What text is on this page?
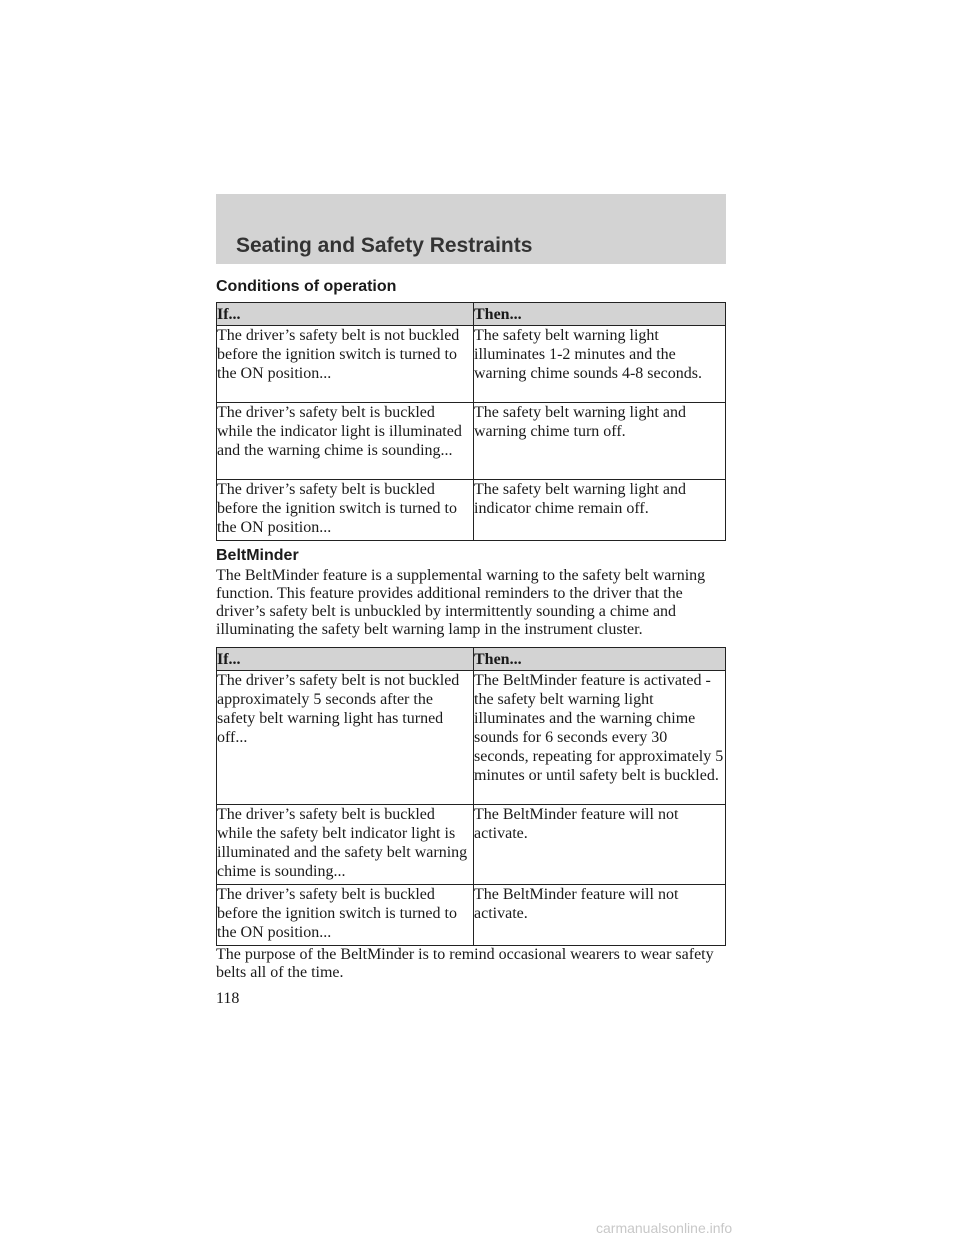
Seating and Safety Restraints

Conditions of operation

If...	Then...
The driver’s safety belt is not buckled before the ignition switch is turned to the ON position...	The safety belt warning light illuminates 1-2 minutes and the warning chime sounds 4-8 seconds.
The driver’s safety belt is buckled while the indicator light is illuminated and the warning chime is sounding...	The safety belt warning light and warning chime turn off.
The driver’s safety belt is buckled before the ignition switch is turned to the ON position...	The safety belt warning light and indicator chime remain off.

BeltMinder

The BeltMinder feature is a supplemental warning to the safety belt warning function. This feature provides additional reminders to the driver that the driver’s safety belt is unbuckled by intermittently sounding a chime and illuminating the safety belt warning lamp in the instrument cluster.

If...	Then...
The driver’s safety belt is not buckled approximately 5 seconds after the safety belt warning light has turned off...	The BeltMinder feature is activated - the safety belt warning light illuminates and the warning chime sounds for 6 seconds every 30 seconds, repeating for approximately 5 minutes or until safety belt is buckled.
The driver’s safety belt is buckled while the safety belt indicator light is illuminated and the safety belt warning chime is sounding...	The BeltMinder feature will not activate.
The driver’s safety belt is buckled before the ignition switch is turned to the ON position...	The BeltMinder feature will not activate.

The purpose of the BeltMinder is to remind occasional wearers to wear safety belts all of the time.

118
carmanualsonline.info
